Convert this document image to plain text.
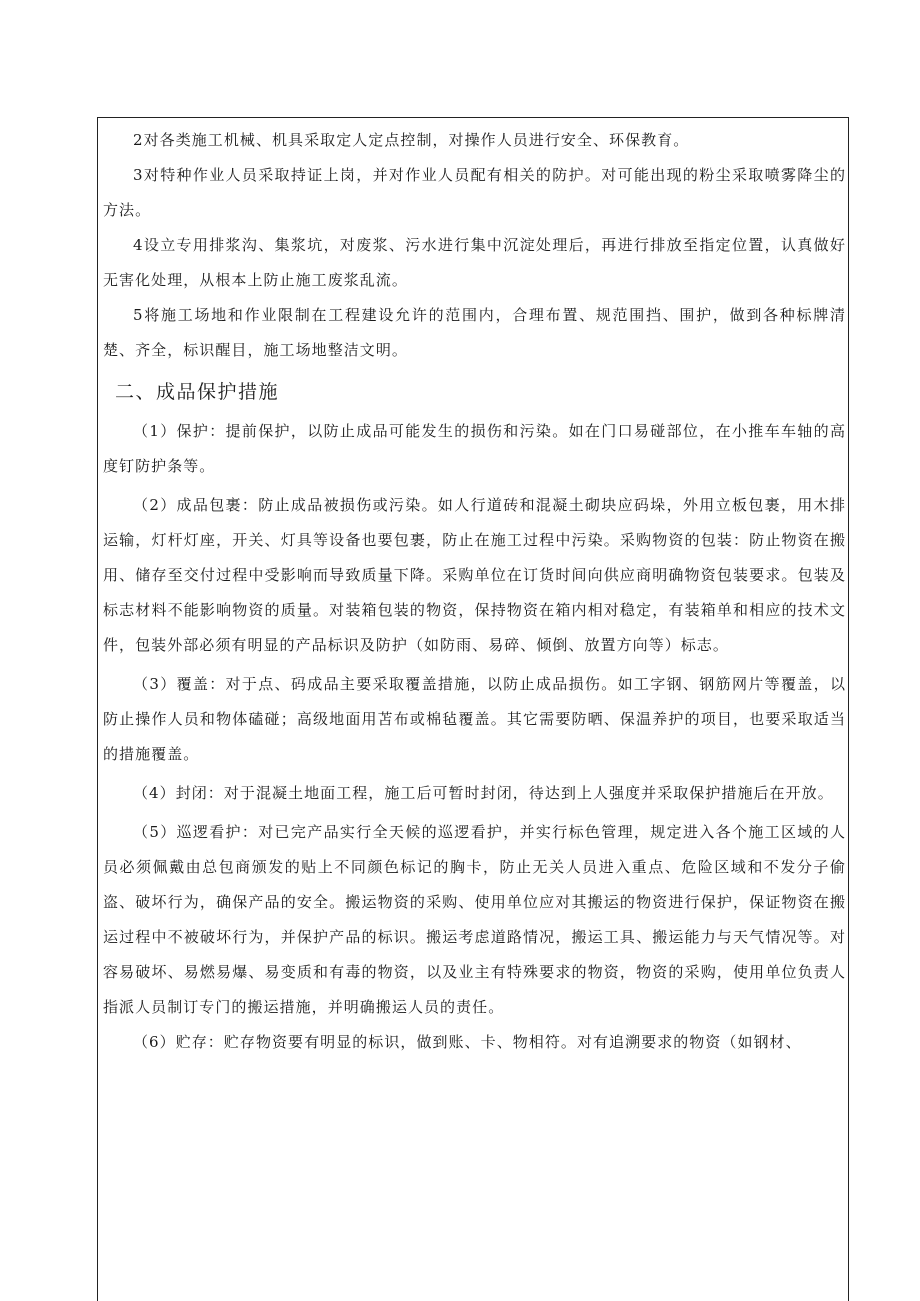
2对各类施工机械、机具采取定人定点控制，对操作人员进行安全、环保教育。

3对特种作业人员采取持证上岗，并对作业人员配有相关的防护。对可能出现的粉尘采取喷雾降尘的方法。

4设立专用排浆沟、集浆坑，对废浆、污水进行集中沉淀处理后，再进行排放至指定位置，认真做好无害化处理，从根本上防止施工废浆乱流。

5将施工场地和作业限制在工程建设允许的范围内，合理布置、规范围挡、围护，做到各种标牌清楚、齐全，标识醒目，施工场地整洁文明。

二、成品保护措施

（1）保护：提前保护，以防止成品可能发生的损伤和污染。如在门口易碰部位，在小推车车轴的高度钉防护条等。

（2）成品包裹：防止成品被损伤或污染。如人行道砖和混凝土砌块应码垛，外用立板包裹，用木排运输，灯杆灯座，开关、灯具等设备也要包裹，防止在施工过程中污染。采购物资的包装：防止物资在搬用、储存至交付过程中受影响而导致质量下降。采购单位在订货时间向供应商明确物资包装要求。包装及标志材料不能影响物资的质量。对装箱包装的物资，保持物资在箱内相对稳定，有装箱单和相应的技术文件，包装外部必须有明显的产品标识及防护（如防雨、易碎、倾倒、放置方向等）标志。

（3）覆盖：对于点、码成品主要采取覆盖措施，以防止成品损伤。如工字钢、钢筋网片等覆盖，以防止操作人员和物体磕碰；高级地面用苫布或棉毡覆盖。其它需要防晒、保温养护的项目，也要采取适当的措施覆盖。

（4）封闭：对于混凝土地面工程，施工后可暂时封闭，待达到上人强度并采取保护措施后在开放。

（5）巡逻看护：对已完产品实行全天候的巡逻看护，并实行标色管理，规定进入各个施工区域的人员必须佩戴由总包商颁发的贴上不同颜色标记的胸卡，防止无关人员进入重点、危险区域和不发分子偷盗、破坏行为，确保产品的安全。搬运物资的采购、使用单位应对其搬运的物资进行保护，保证物资在搬运过程中不被破坏行为，并保护产品的标识。搬运考虑道路情况，搬运工具、搬运能力与天气情况等。对容易破坏、易燃易爆、易变质和有毒的物资，以及业主有特殊要求的物资，物资的采购，使用单位负责人指派人员制订专门的搬运措施，并明确搬运人员的责任。

（6）贮存：贮存物资要有明显的标识，做到账、卡、物相符。对有追溯要求的物资（如钢材、
